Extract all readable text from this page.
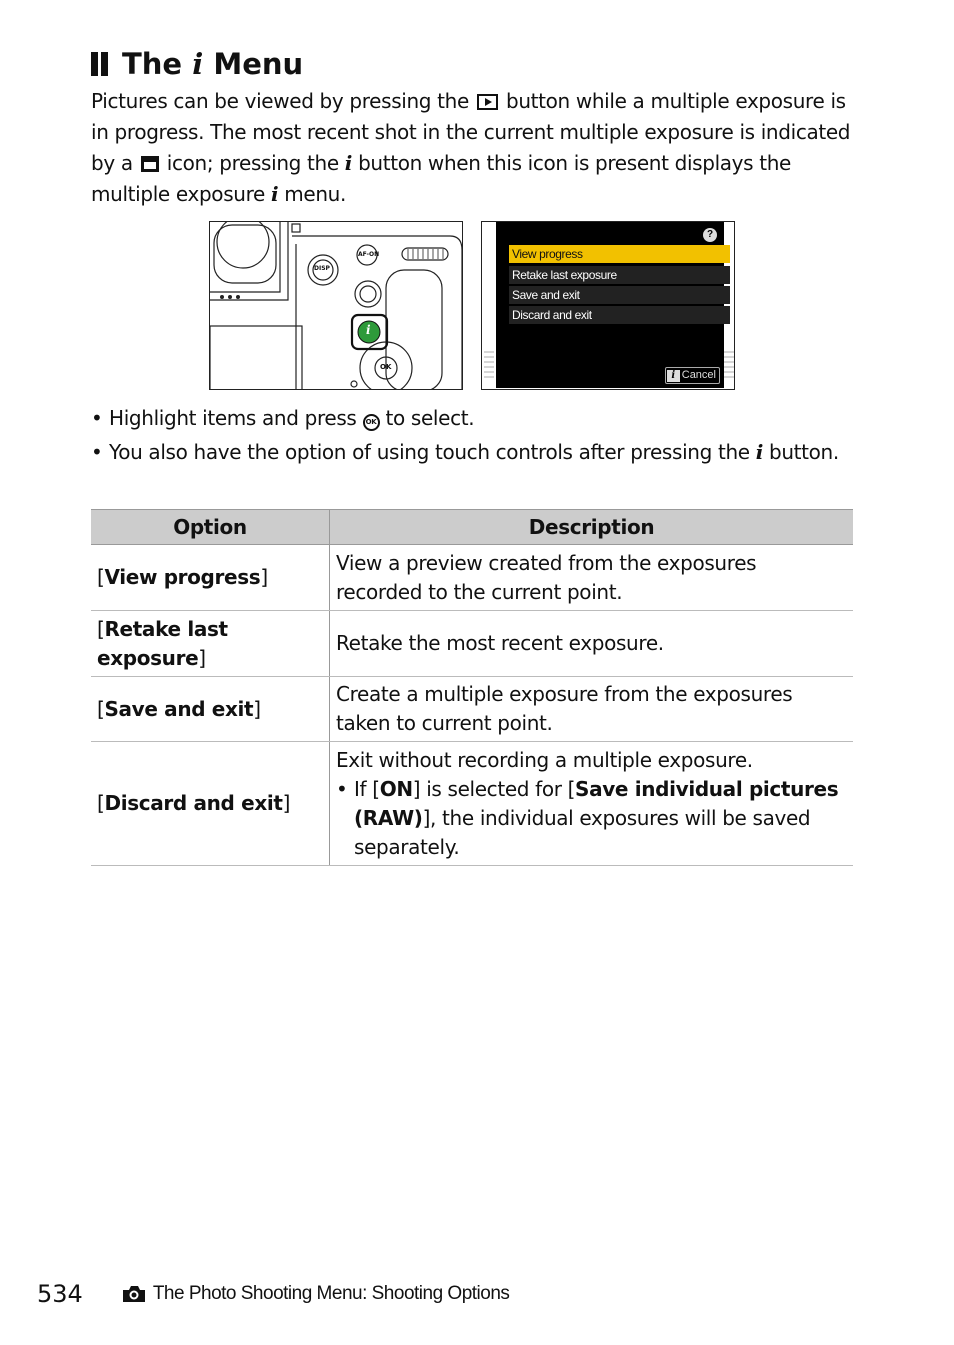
The
i
Menu
Pictures can be viewed by pressing the button while a multiple exposure is in progress. The most recent shot in the current multiple exposure is indicated by a icon; pressing the i button when this icon is present displays the multiple exposure i menu.
DISP
AF-ON
OK
i
?
View progress
Retake last exposure
Save and exit
Discard and exit
i Cancel
• Highlight items and press OK to select.
• You also have the option of using touch controls after pressing the i button.
Option	Description
[View progress]	View a preview created from the exposures recorded to the current point.
[Retake last exposure]	Retake the most recent exposure.
[Save and exit]	Create a multiple exposure from the exposures taken to current point.
[Discard and exit]	Exit without recording a multiple exposure.
• If [ON] is selected for [Save individual pictures (RAW)], the individual exposures will be saved separately.
534	The Photo Shooting Menu: Shooting Options
